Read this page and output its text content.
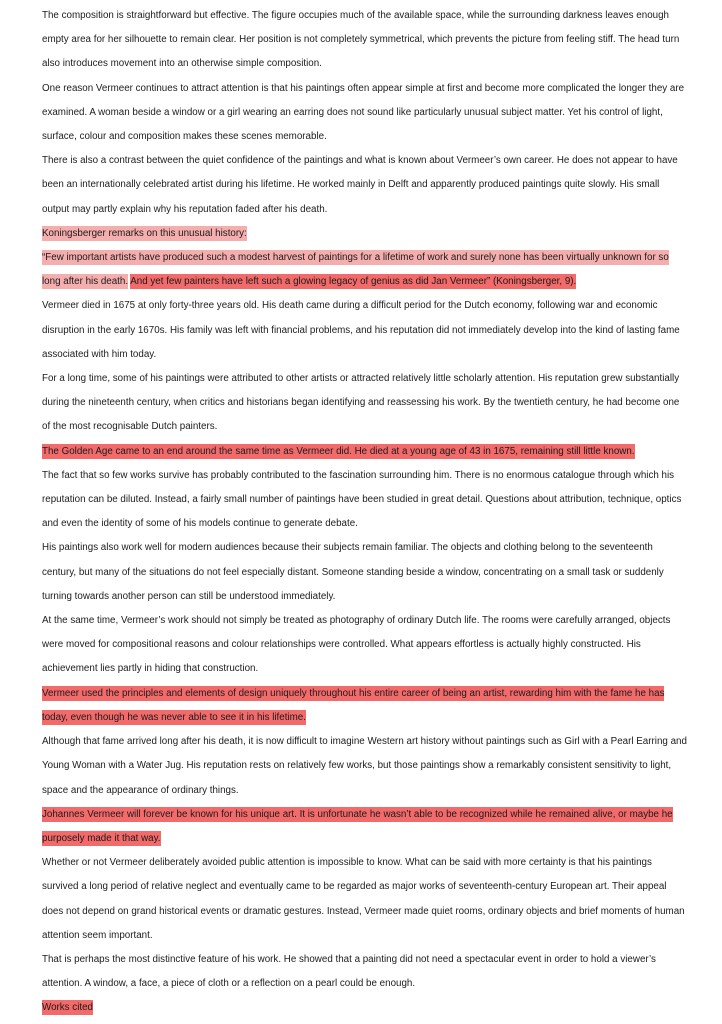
The composition is straightforward but effective. The figure occupies much of the available space, while the surrounding darkness leaves enough empty area for her silhouette to remain clear. Her position is not completely symmetrical, which prevents the picture from feeling stiff. The head turn also introduces movement into an otherwise simple composition.

One reason Vermeer continues to attract attention is that his paintings often appear simple at first and become more complicated the longer they are examined. A woman beside a window or a girl wearing an earring does not sound like particularly unusual subject matter. Yet his control of light, surface, colour and composition makes these scenes memorable.

There is also a contrast between the quiet confidence of the paintings and what is known about Vermeer’s own career. He does not appear to have been an internationally celebrated artist during his lifetime. He worked mainly in Delft and apparently produced paintings quite slowly. His small output may partly explain why his reputation faded after his death.

Koningsberger remarks on this unusual history:

“Few important artists have produced such a modest harvest of paintings for a lifetime of work and surely none has been virtually unknown for so long after his death. And yet few painters have left such a glowing legacy of genius as did Jan Vermeer” (Koningsberger, 9).

Vermeer died in 1675 at only forty-three years old. His death came during a difficult period for the Dutch economy, following war and economic disruption in the early 1670s. His family was left with financial problems, and his reputation did not immediately develop into the kind of lasting fame associated with him today.

For a long time, some of his paintings were attributed to other artists or attracted relatively little scholarly attention. His reputation grew substantially during the nineteenth century, when critics and historians began identifying and reassessing his work. By the twentieth century, he had become one of the most recognisable Dutch painters.

The Golden Age came to an end around the same time as Vermeer did. He died at a young age of 43 in 1675, remaining still little known.

The fact that so few works survive has probably contributed to the fascination surrounding him. There is no enormous catalogue through which his reputation can be diluted. Instead, a fairly small number of paintings have been studied in great detail. Questions about attribution, technique, optics and even the identity of some of his models continue to generate debate.

His paintings also work well for modern audiences because their subjects remain familiar. The objects and clothing belong to the seventeenth century, but many of the situations do not feel especially distant. Someone standing beside a window, concentrating on a small task or suddenly turning towards another person can still be understood immediately.

At the same time, Vermeer’s work should not simply be treated as photography of ordinary Dutch life. The rooms were carefully arranged, objects were moved for compositional reasons and colour relationships were controlled. What appears effortless is actually highly constructed. His achievement lies partly in hiding that construction.

Vermeer used the principles and elements of design uniquely throughout his entire career of being an artist, rewarding him with the fame he has today, even though he was never able to see it in his lifetime.

Although that fame arrived long after his death, it is now difficult to imagine Western art history without paintings such as Girl with a Pearl Earring and Young Woman with a Water Jug. His reputation rests on relatively few works, but those paintings show a remarkably consistent sensitivity to light, space and the appearance of ordinary things.

Johannes Vermeer will forever be known for his unique art. It is unfortunate he wasn’t able to be recognized while he remained alive, or maybe he purposely made it that way.

Whether or not Vermeer deliberately avoided public attention is impossible to know. What can be said with more certainty is that his paintings survived a long period of relative neglect and eventually came to be regarded as major works of seventeenth-century European art. Their appeal does not depend on grand historical events or dramatic gestures. Instead, Vermeer made quiet rooms, ordinary objects and brief moments of human attention seem important.

That is perhaps the most distinctive feature of his work. He showed that a painting did not need a spectacular event in order to hold a viewer’s attention. A window, a face, a piece of cloth or a reflection on a pearl could be enough.

Works cited
